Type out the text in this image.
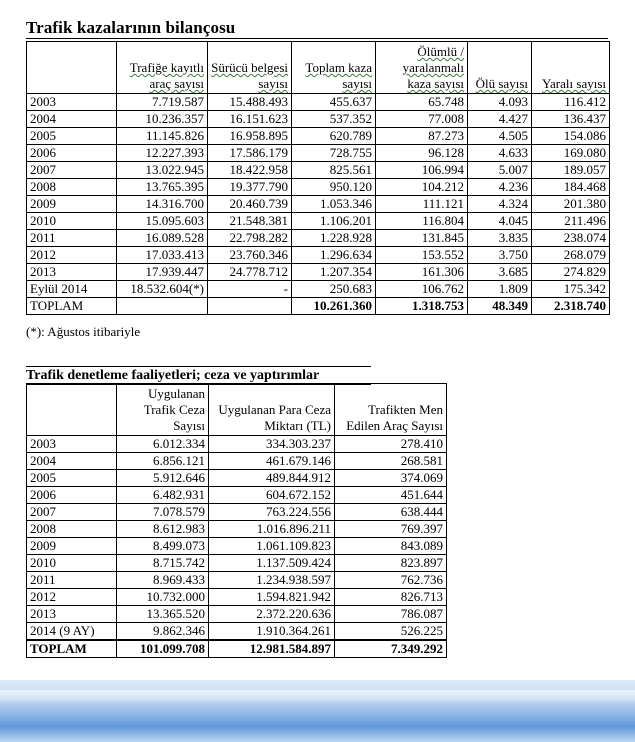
Trafik kazalarının bilançosu
	Trafiğe kayıtlı araç sayısı	Sürücü belgesi sayısı	Toplam kaza sayısı	Ölümlü / yaralanmalı kaza sayısı	Ölü sayısı	Yaralı sayısı
2003	7.719.587	15.488.493	455.637	65.748	4.093	116.412
2004	10.236.357	16.151.623	537.352	77.008	4.427	136.437
2005	11.145.826	16.958.895	620.789	87.273	4.505	154.086
2006	12.227.393	17.586.179	728.755	96.128	4.633	169.080
2007	13.022.945	18.422.958	825.561	106.994	5.007	189.057
2008	13.765.395	19.377.790	950.120	104.212	4.236	184.468
2009	14.316.700	20.460.739	1.053.346	111.121	4.324	201.380
2010	15.095.603	21.548.381	1.106.201	116.804	4.045	211.496
2011	16.089.528	22.798.282	1.228.928	131.845	3.835	238.074
2012	17.033.413	23.760.346	1.296.634	153.552	3.750	268.079
2013	17.939.447	24.778.712	1.207.354	161.306	3.685	274.829
Eylül 2014	18.532.604(*)	-	250.683	106.762	1.809	175.342
TOPLAM			10.261.360	1.318.753	48.349	2.318.740
(*): Ağustos itibariyle
Trafik denetleme faaliyetleri; ceza ve yaptırımlar
	Uygulanan Trafik Ceza Sayısı	Uygulanan Para Ceza Miktarı (TL)	Trafikten Men Edilen Araç Sayısı
2003	6.012.334	334.303.237	278.410
2004	6.856.121	461.679.146	268.581
2005	5.912.646	489.844.912	374.069
2006	6.482.931	604.672.152	451.644
2007	7.078.579	763.224.556	638.444
2008	8.612.983	1.016.896.211	769.397
2009	8.499.073	1.061.109.823	843.089
2010	8.715.742	1.137.509.424	823.897
2011	8.969.433	1.234.938.597	762.736
2012	10.732.000	1.594.821.942	826.713
2013	13.365.520	2.372.220.636	786.087
2014 (9 AY)	9.862.346	1.910.364.261	526.225
TOPLAM	101.099.708	12.981.584.897	7.349.292
